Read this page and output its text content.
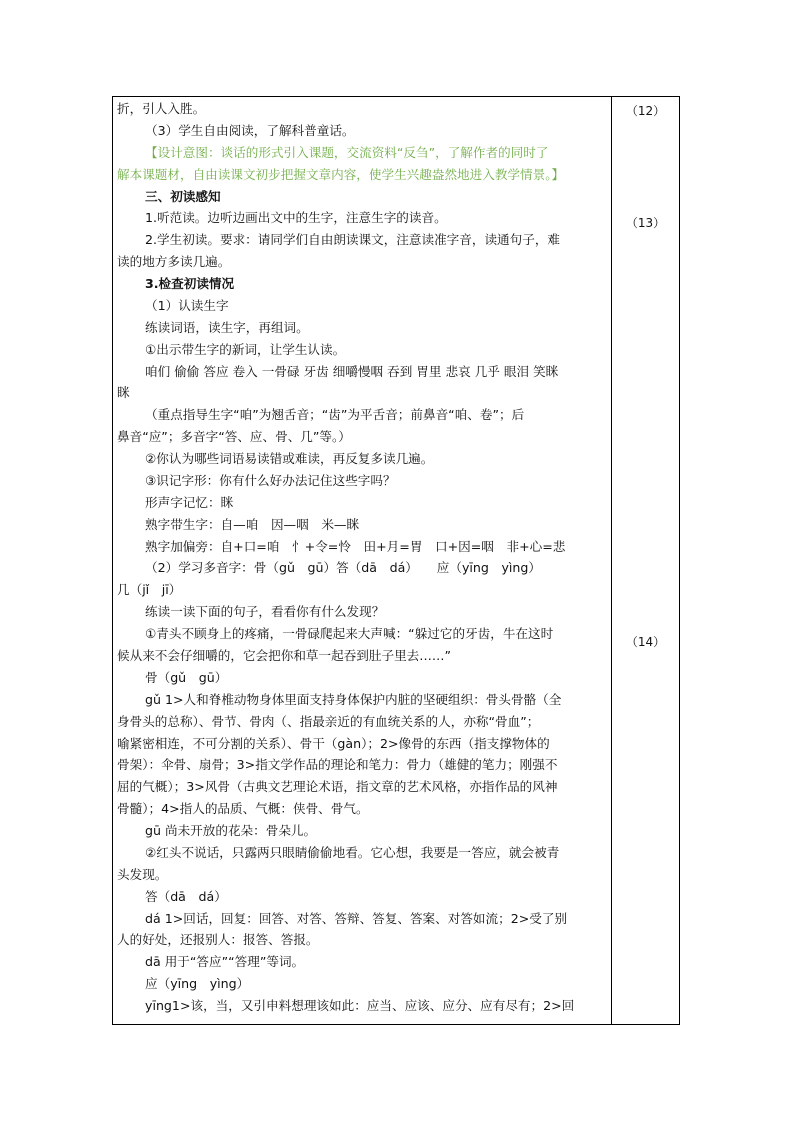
折，引人入胜。
（3）学生自由阅读，了解科普童话。
【设计意图：谈话的形式引入课题，交流资料“反刍”，了解作者的同时了
解本课题材，自由读课文初步把握文章内容，使学生兴趣盎然地进入教学情景。】
三、初读感知
1.听范读。边听边画出文中的生字，注意生字的读音。
2.学生初读。要求：请同学们自由朗读课文，注意读准字音，读通句子，难
读的地方多读几遍。
3.检查初读情况
（1）认读生字
练读词语，读生字，再组词。
①出示带生字的新词，让学生认读。
咱们 偷偷 答应 卷入 一骨碌 牙齿 细嚼慢咽 吞到 胃里 悲哀 几乎 眼泪 笑眯
眯
（重点指导生字“咱”为翘舌音；“齿”为平舌音；前鼻音“咱、卷”；后
鼻音“应”；多音字“答、应、骨、几”等。）
②你认为哪些词语易读错或难读，再反复多读几遍。
③识记字形：你有什么好办法记住这些字吗？
形声字记忆：眯
熟字带生字：自—咱　因—咽　米—眯
熟字加偏旁：自+口=咱　忄+令=怜　田+月=胃　口+因=咽　非+心=悲
（2）学习多音字：骨（gǔ　gū）答（dā　dá）　　应（yīng　yìng）
几（jǐ　jī）
练读一读下面的句子，看看你有什么发现？
①青头不顾身上的疼痛，一骨碌爬起来大声喊：“躲过它的牙齿，牛在这时
候从来不会仔细嚼的，它会把你和草一起吞到肚子里去……”
骨（gǔ　gū）
gǔ 1>人和脊椎动物身体里面支持身体保护内脏的坚硬组织：骨头骨骼（全
身骨头的总称）、骨节、骨肉（、指最亲近的有血统关系的人，亦称“骨血”；
喻紧密相连，不可分割的关系）、骨干（gàn）；2>像骨的东西（指支撑物体的
骨架）：伞骨、扇骨；3>指文学作品的理论和笔力：骨力（雄健的笔力；刚强不
屈的气概）；3>风骨（古典文艺理论术语，指文章的艺术风格，亦指作品的风神
骨髓）；4>指人的品质、气概：侠骨、骨气。
gū 尚未开放的花朵：骨朵儿。
②红头不说话，只露两只眼睛偷偷地看。它心想，我要是一答应，就会被青
头发现。
答（dā　dá）
dá 1>回话，回复：回答、对答、答辩、答复、答案、对答如流；2>受了别
人的好处，还报别人：报答、答报。
dā 用于“答应”“答理”等词。
应（yīng　yìng）
yīng1>该，当，又引申料想理该如此：应当、应该、应分、应有尽有；2>回
（12）
（13）
（14）
